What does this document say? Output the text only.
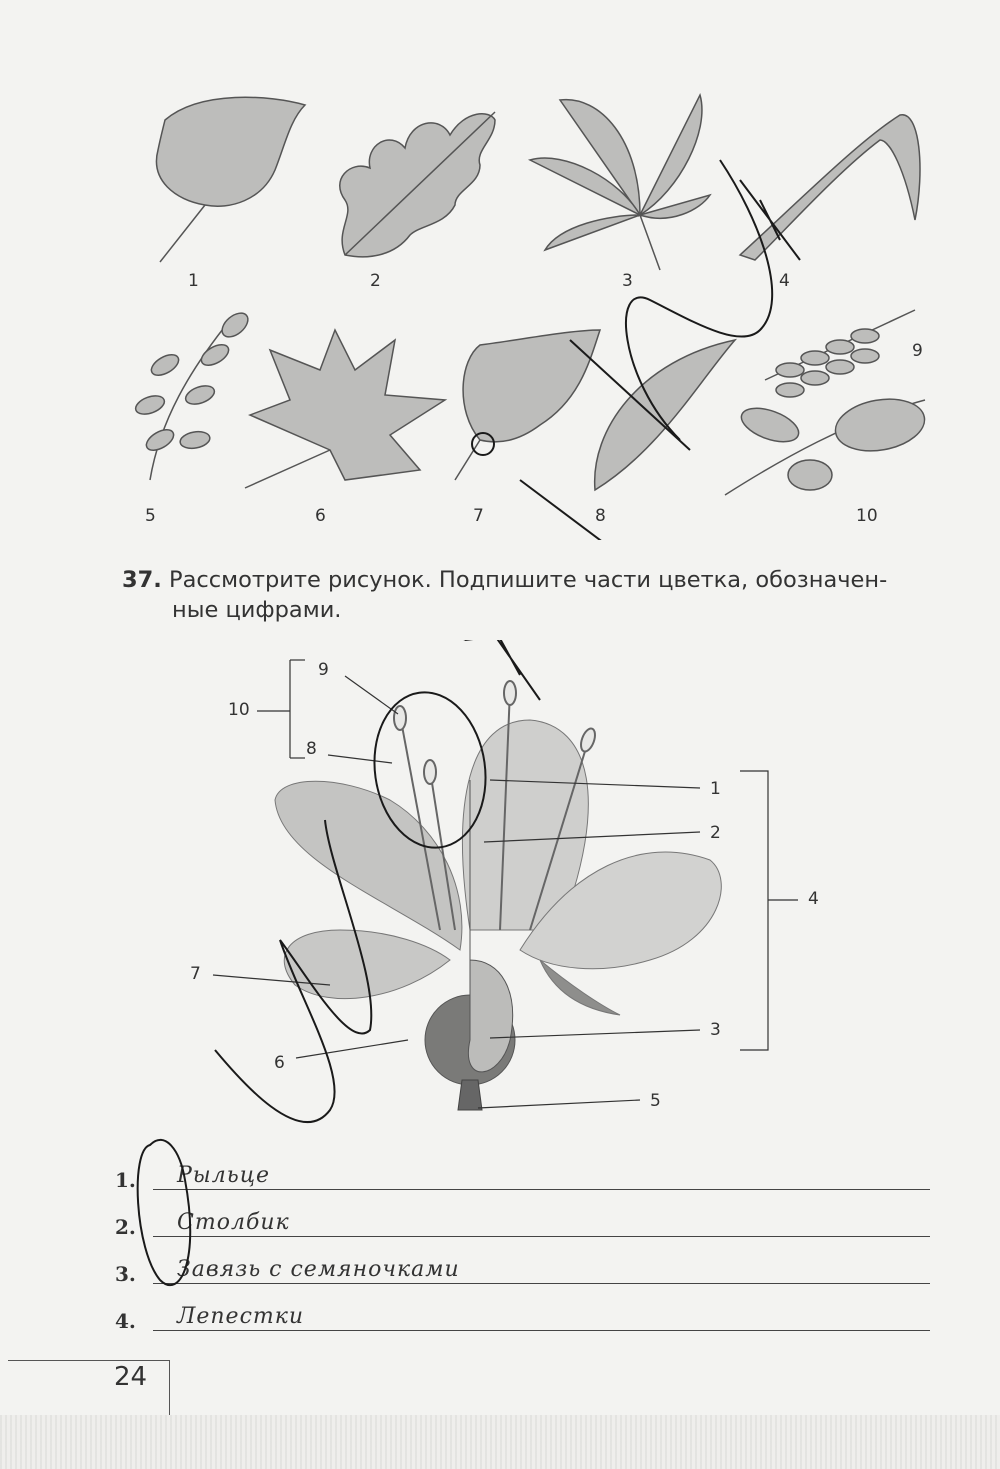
1	2	3	4
5	6	7	8
9
10
37. Рассмотрите рисунок. Подпишите части цветка, обозначен-
ные цифрами.
1
2
3
4
5
6
7
8
9
10
1. Рыльце
2. Столбик
3. Завязь с семяночками
4. Лепестки
24
